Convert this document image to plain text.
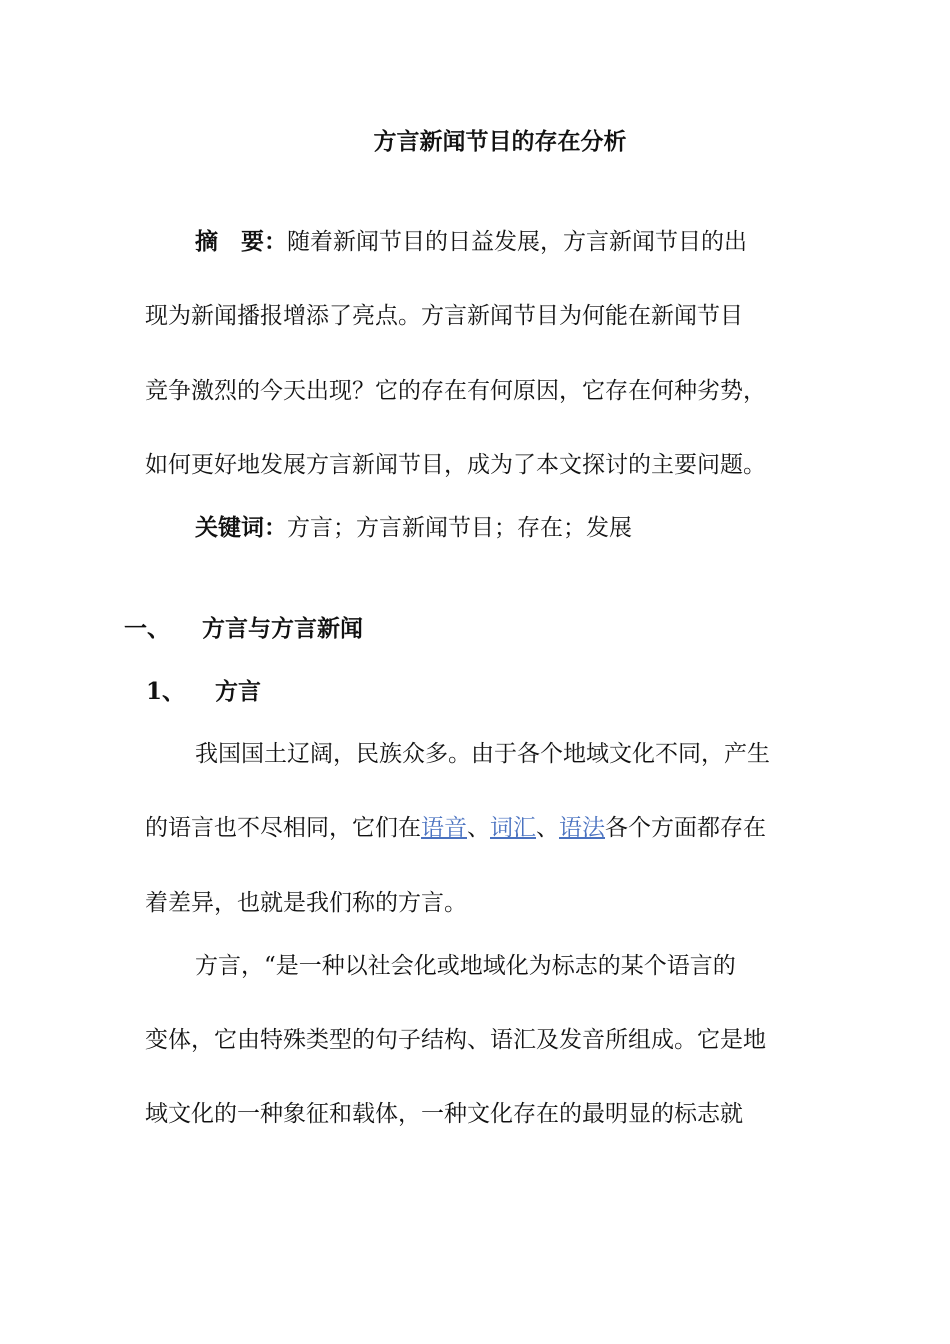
方言新闻节目的存在分析
摘　要：随着新闻节目的日益发展，方言新闻节目的出
现为新闻播报增添了亮点。方言新闻节目为何能在新闻节目
竞争激烈的今天出现？它的存在有何原因，它存在何种劣势，
如何更好地发展方言新闻节目，成为了本文探讨的主要问题。
关键词：方言；方言新闻节目；存在；发展
一、 方言与方言新闻
1、 方言
我国国土辽阔，民族众多。由于各个地域文化不同，产生
的语言也不尽相同，它们在语音、词汇、语法各个方面都存在
着差异，也就是我们称的方言。
方言，“是一种以社会化或地域化为标志的某个语言的
变体，它由特殊类型的句子结构、语汇及发音所组成。它是地
域文化的一种象征和载体，一种文化存在的最明显的标志就
